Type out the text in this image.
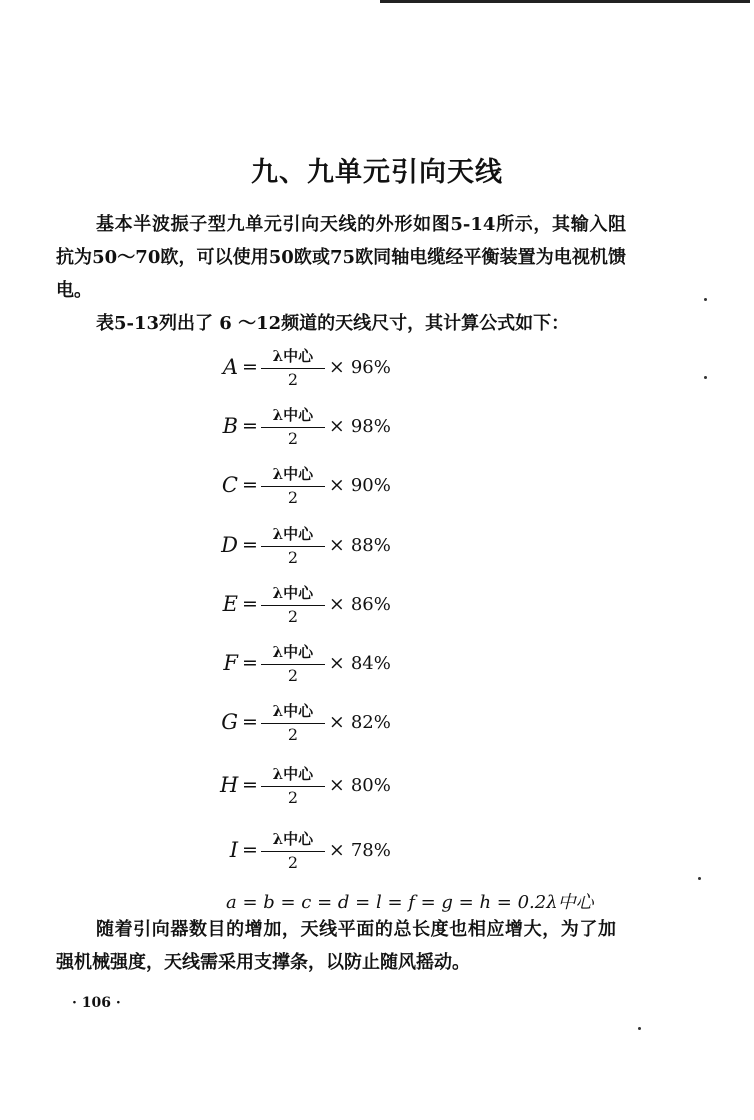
九、九单元引向天线
基本半波振子型九单元引向天线的外形如图5-14所示，其输入阻抗为50～70欧，可以使用50欧或75欧同轴电缆经平衡装置为电视机馈电。
表5-13列出了 6 ～12频道的天线尺寸，其计算公式如下：
$A = \frac{\text{λ中心}}{2} \times 96\%$
$B = \frac{\text{λ中心}}{2} \times 98\%$
$C = \frac{\text{λ中心}}{2} \times 90\%$
$D = \frac{\text{λ中心}}{2} \times 88\%$
$E = \frac{\text{λ中心}}{2} \times 86\%$
$F = \frac{\text{λ中心}}{2} \times 84\%$
$G = \frac{\text{λ中心}}{2} \times 82\%$
$H = \frac{\text{λ中心}}{2} \times 80\%$
$I = \frac{\text{λ中心}}{2} \times 78\%$
a = b = c = d = l = f = g = h = 0.2λ中心
随着引向器数目的增加，天线平面的总长度也相应增大，为了加强机械强度，天线需采用支撑条，以防止随风摇动。
· 106 ·
